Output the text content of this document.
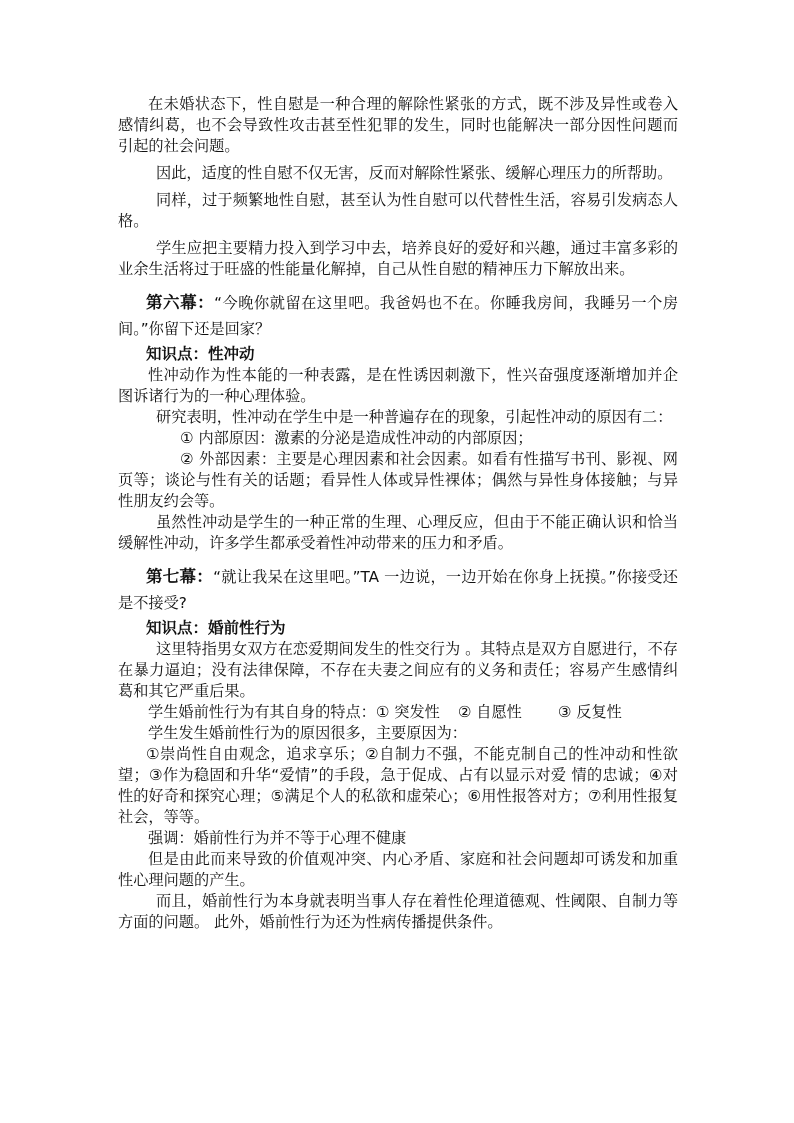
在未婚状态下，性自慰是一种合理的解除性紧张的方式，既不涉及异性或卷入感情纠葛，也不会导致性攻击甚至性犯罪的发生，同时也能解决一部分因性问题而引起的社会问题。

因此，适度的性自慰不仅无害，反而对解除性紧张、缓解心理压力的所帮助。

同样，过于频繁地性自慰，甚至认为性自慰可以代替性生活，容易引发病态人格。

学生应把主要精力投入到学习中去，培养良好的爱好和兴趣，通过丰富多彩的业余生活将过于旺盛的性能量化解掉，自己从性自慰的精神压力下解放出来。

第六幕：“今晚你就留在这里吧。我爸妈也不在。你睡我房间，我睡另一个房间。”你留下还是回家？

知识点：性冲动

性冲动作为性本能的一种表露，是在性诱因刺激下，性兴奋强度逐渐增加并企图诉诸行为的一种心理体验。

研究表明，性冲动在学生中是一种普遍存在的现象，引起性冲动的原因有二：

① 内部原因：激素的分泌是造成性冲动的内部原因；

② 外部因素：主要是心理因素和社会因素。如看有性描写书刊、影视、网页等；谈论与性有关的话题；看异性人体或异性裸体；偶然与异性身体接触；与异性朋友约会等。

虽然性冲动是学生的一种正常的生理、心理反应，但由于不能正确认识和恰当缓解性冲动，许多学生都承受着性冲动带来的压力和矛盾。

第七幕：“就让我呆在这里吧。”TA 一边说，一边开始在你身上抚摸。”你接受还是不接受?

知识点：婚前性行为

这里特指男女双方在恋爱期间发生的性交行为 。其特点是双方自愿进行，不存在暴力逼迫；没有法律保障，不存在夫妻之间应有的义务和责任；容易产生感情纠葛和其它严重后果。

学生婚前性行为有其自身的特点：① 突发性 ② 自愿性 ③ 反复性

学生发生婚前性行为的原因很多，主要原因为：

①崇尚性自由观念，追求享乐；②自制力不强，不能克制自己的性冲动和性欲望；③作为稳固和升华“爱情”的手段，急于促成、占有以显示对爱 情的忠诚；④对性的好奇和探究心理；⑤满足个人的私欲和虚荣心；⑥用性报答对方；⑦利用性报复社会，等等。

强调：婚前性行为并不等于心理不健康

但是由此而来导致的价值观冲突、内心矛盾、家庭和社会问题却可诱发和加重性心理问题的产生。

而且，婚前性行为本身就表明当事人存在着性伦理道德观、性阈限、自制力等方面的问题。 此外，婚前性行为还为性病传播提供条件。
